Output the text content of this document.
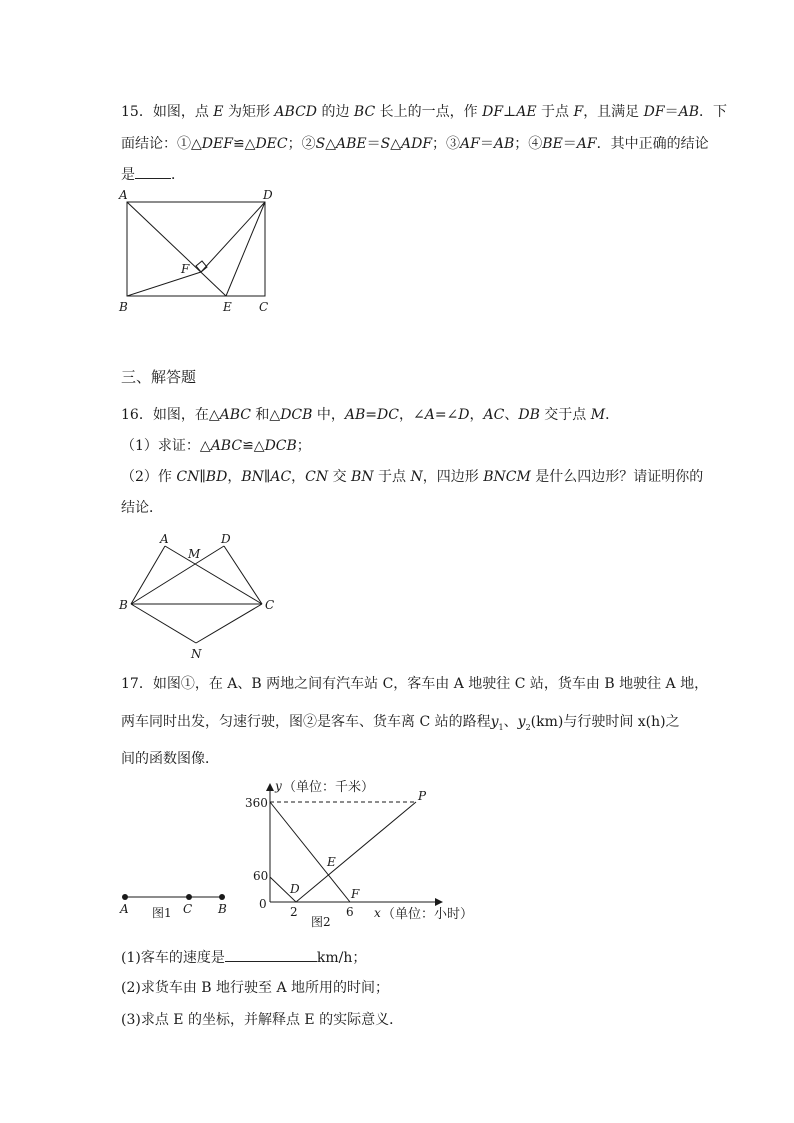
15．如图，点 E 为矩形 ABCD 的边 BC 长上的一点，作 DF⊥AE 于点 F，且满足 DF＝AB．下
面结论：①△DEF≌△DEC；②S△ABE＝S△ADF；③AF＝AB；④BE＝AF．其中正确的结论
是	．
A	D
F
B	E C
三、解答题
16．如图，在△ABC 和△DCB 中，AB=DC，∠A=∠D，AC、DB 交于点 M．
（1）求证：△ABC≌△DCB；
（2）作 CN∥BD，BN∥AC，CN 交 BN 于点 N，四边形 BNCM 是什么四边形？请证明你的
结论．
A
M
D
B	C
N
17．如图①，在 A、B 两地之间有汽车站 C，客车由 A 地驶往 C 站，货车由 B 地驶往 A 地，
两车同时出发，匀速行驶，图②是客车、货车离 C 站的路程$y_1$、$y_2(km)$与行驶时间 x(h)之
间的函数图像．
A	C B
图1
y （单位：千米）
x （单位：小时）
360
60
0
2	6
P
E
D	F
图2
(1)客车的速度是	km/h；
(2)求货车由 B 地行驶至 A 地所用的时间；
(3)求点 E 的坐标，并解释点 E 的实际意义．
